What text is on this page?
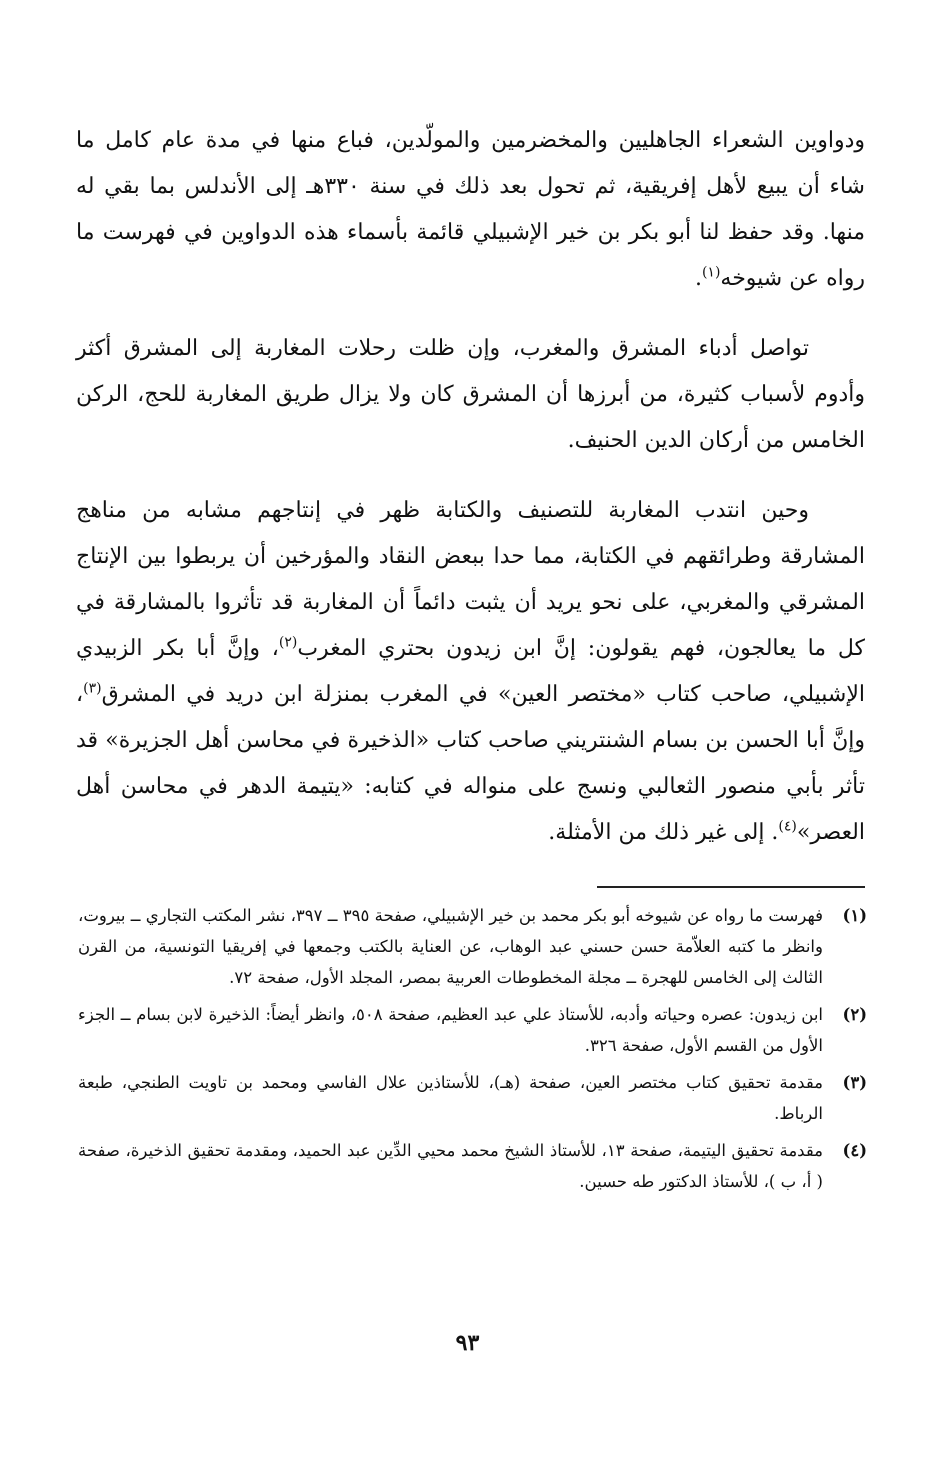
ودواوين الشعراء الجاهليين والمخضرمين والمولّدين، فباع منها في مدة عام كامل ما شاء أن يبيع لأهل إفريقية، ثم تحول بعد ذلك في سنة ٣٣٠هـ إلى الأندلس بما بقي له منها. وقد حفظ لنا أبو بكر بن خير الإشبيلي قائمة بأسماء هذه الدواوين في فهرست ما رواه عن شيوخه$^{(١)}$.

تواصل أدباء المشرق والمغرب، وإن ظلت رحلات المغاربة إلى المشرق أكثر وأدوم لأسباب كثيرة، من أبرزها أن المشرق كان ولا يزال طريق المغاربة للحج، الركن الخامس من أركان الدين الحنيف.

وحين انتدب المغاربة للتصنيف والكتابة ظهر في إنتاجهم مشابه من مناهج المشارقة وطرائقهم في الكتابة، مما حدا ببعض النقاد والمؤرخين أن يربطوا بين الإنتاج المشرقي والمغربي، على نحو يريد أن يثبت دائماً أن المغاربة قد تأثروا بالمشارقة في كل ما يعالجون، فهم يقولون: إنَّ ابن زيدون بحتري المغرب$^{(٢)}$، وإنَّ أبا بكر الزبيدي الإشبيلي، صاحب كتاب «مختصر العين» في المغرب بمنزلة ابن دريد في المشرق$^{(٣)}$، وإنَّ أبا الحسن بن بسام الشنتريني صاحب كتاب «الذخيرة في محاسن أهل الجزيرة» قد تأثر بأبي منصور الثعالبي ونسج على منواله في كتابه: «يتيمة الدهر في محاسن أهل العصر»$^{(٤)}$. إلى غير ذلك من الأمثلة.

(١)
فهرست ما رواه عن شيوخه أبو بكر محمد بن خير الإشبيلي، صفحة ٣٩٥ ــ ٣٩٧، نشر المكتب التجاري ــ بيروت، وانظر ما كتبه العلاّمة حسن حسني عبد الوهاب، عن العناية بالكتب وجمعها في إفريقيا التونسية، من القرن الثالث إلى الخامس للهجرة ــ مجلة المخطوطات العربية بمصر، المجلد الأول، صفحة ٧٢.
(٢)
ابن زيدون: عصره وحياته وأدبه، للأستاذ علي عبد العظيم، صفحة ٥٠٨، وانظر أيضاً: الذخيرة لابن بسام ــ الجزء الأول من القسم الأول، صفحة ٣٢٦.
(٣)
مقدمة تحقيق كتاب مختصر العين، صفحة (هـ)، للأستاذين علال الفاسي ومحمد بن تاويت الطنجي، طبعة الرباط.
(٤)
مقدمة تحقيق اليتيمة، صفحة ١٣، للأستاذ الشيخ محمد محيي الدِّين عبد الحميد، ومقدمة تحقيق الذخيرة، صفحة ( أ، ب )، للأستاذ الدكتور طه حسين.
٩٣
